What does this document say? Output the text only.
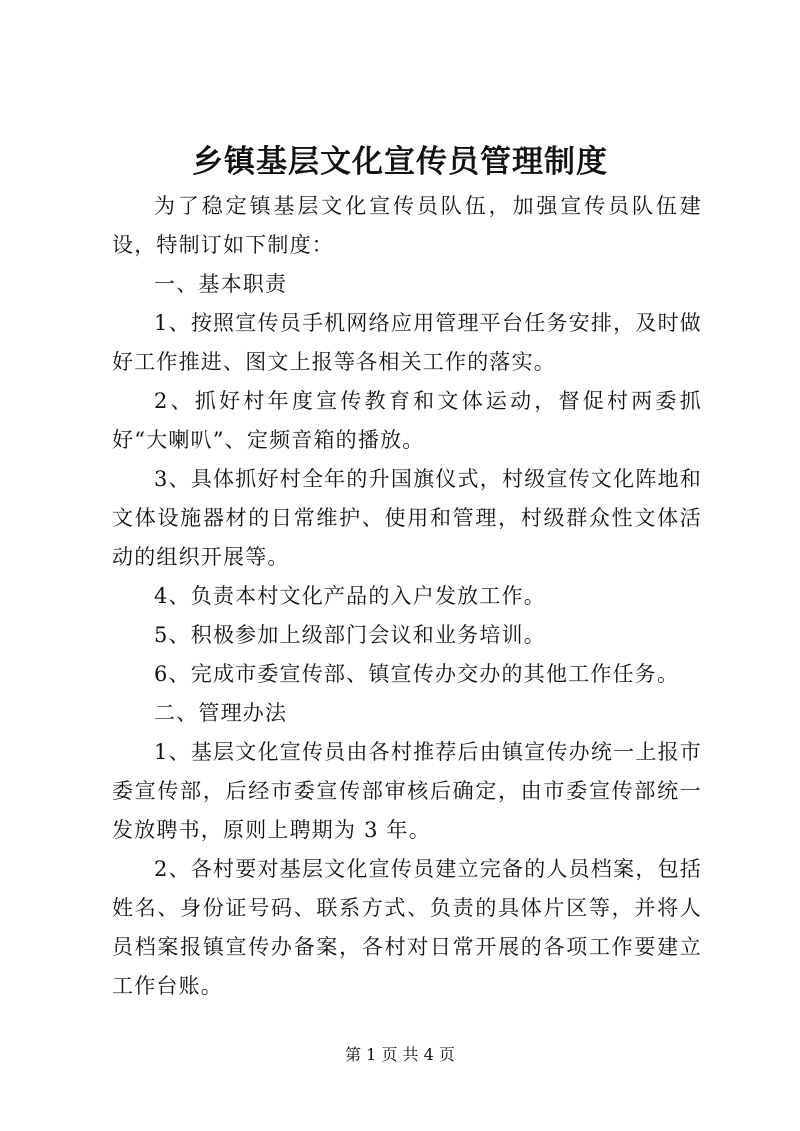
乡镇基层文化宣传员管理制度

为了稳定镇基层文化宣传员队伍，加强宣传员队伍建设，特制订如下制度：

一、基本职责

1、按照宣传员手机网络应用管理平台任务安排，及时做好工作推进、图文上报等各相关工作的落实。

2、抓好村年度宣传教育和文体运动，督促村两委抓好“大喇叭”、定频音箱的播放。

3、具体抓好村全年的升国旗仪式，村级宣传文化阵地和文体设施器材的日常维护、使用和管理，村级群众性文体活动的组织开展等。

4、负责本村文化产品的入户发放工作。

5、积极参加上级部门会议和业务培训。

6、完成市委宣传部、镇宣传办交办的其他工作任务。

二、管理办法

1、基层文化宣传员由各村推荐后由镇宣传办统一上报市委宣传部，后经市委宣传部审核后确定，由市委宣传部统一发放聘书，原则上聘期为 3 年。

2、各村要对基层文化宣传员建立完备的人员档案，包括姓名、身份证号码、联系方式、负责的具体片区等，并将人员档案报镇宣传办备案，各村对日常开展的各项工作要建立工作台账。

第 1 页 共 4 页
